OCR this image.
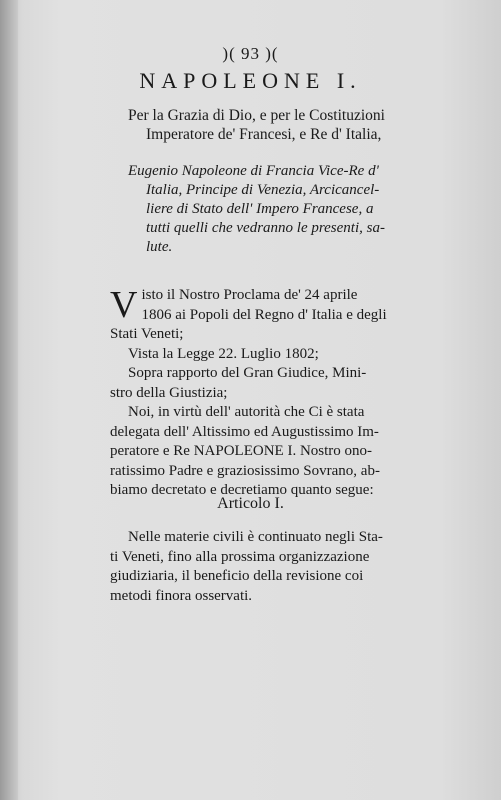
)( 93 )(
NAPOLEONE I.
Per la Grazia di Dio, e per le Costituzioni
Imperatore de' Francesi, e Re d' Italia,
Eugenio Napoleone di Francia Vice-Re d'
Italia, Principe di Venezia, Arcicancel-
liere di Stato dell' Impero Francese, a
tutti quelli che vedranno le presenti, sa-
lute.
V isto il Nostro Proclama de' 24 aprile
1806 ai Popoli del Regno d' Italia e degli
Stati Veneti;
Vista la Legge 22. Luglio 1802;
Sopra rapporto del Gran Giudice, Mini-
stro della Giustizia;
Noi, in virtù dell' autorità che Ci è stata
delegata dell' Altissimo ed Augustissimo Im-
peratore e Re NAPOLEONE I. Nostro ono-
ratissimo Padre e graziosissimo Sovrano, ab-
biamo decretato e decretiamo quanto segue:
Articolo I.
Nelle materie civili è continuato negli Sta-
ti Veneti, fino alla prossima organizzazione
giudiziaria, il beneficio della revisione coi
metodi finora osservati.
